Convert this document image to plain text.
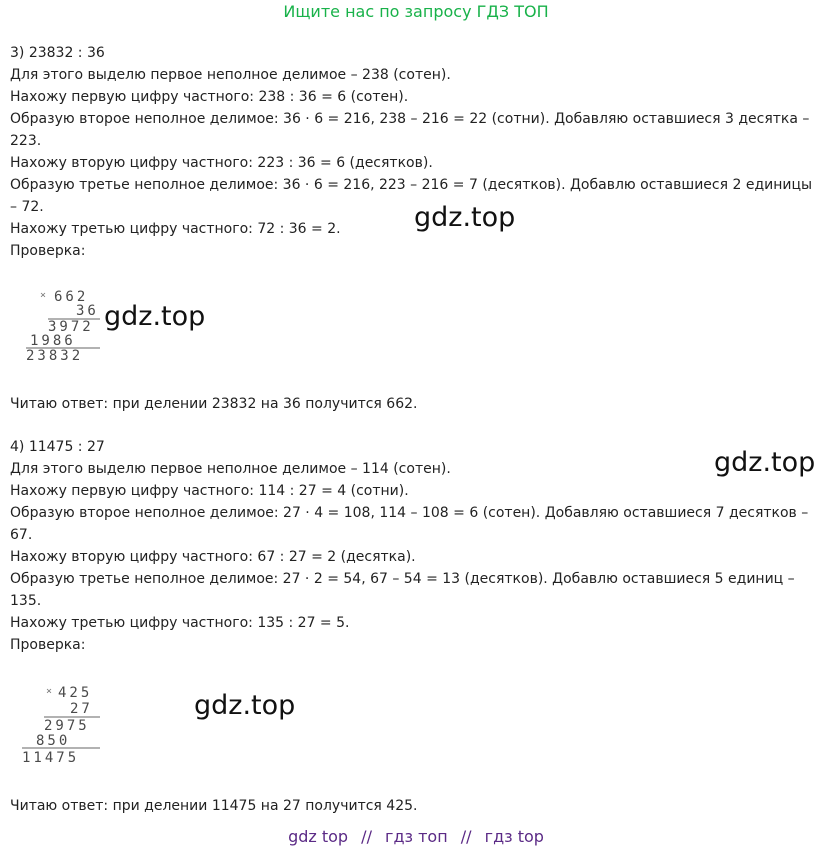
Ищите нас по запросу ГДЗ ТОП
3) 23832 : 36
Для этого выделю первое неполное делимое – 238 (сотен).
Нахожу первую цифру частного: 238 : 36 = 6 (сотен).
Образую второе неполное делимое: 36 · 6 = 216, 238 – 216 = 22 (сотни). Добавляю оставшиеся 3 десятка –
223.
Нахожу вторую цифру частного: 223 : 36 = 6 (десятков).
Образую третье неполное делимое: 36 · 6 = 216, 223 – 216 = 7 (десятков). Добавлю оставшиеся 2 единицы
– 72.
Нахожу третью цифру частного: 72 : 36 = 2.
Проверка:
gdz.top
× 662
36
3972
1986
23832
gdz.top
Читаю ответ: при делении 23832 на 36 получится 662.
4) 11475 : 27
Для этого выделю первое неполное делимое – 114 (сотен).
Нахожу первую цифру частного: 114 : 27 = 4 (сотни).
Образую второе неполное делимое: 27 · 4 = 108, 114 – 108 = 6 (сотен). Добавляю оставшиеся 7 десятков –
67.
Нахожу вторую цифру частного: 67 : 27 = 2 (десятка).
Образую третье неполное делимое: 27 · 2 = 54, 67 – 54 = 13 (десятков). Добавлю оставшиеся 5 единиц –
135.
Нахожу третью цифру частного: 135 : 27 = 5.
Проверка:
gdz.top
× 425
27
2975
850
11475
gdz.top
Читаю ответ: при делении 11475 на 27 получится 425.
gdz top // гдз топ // гдз top
